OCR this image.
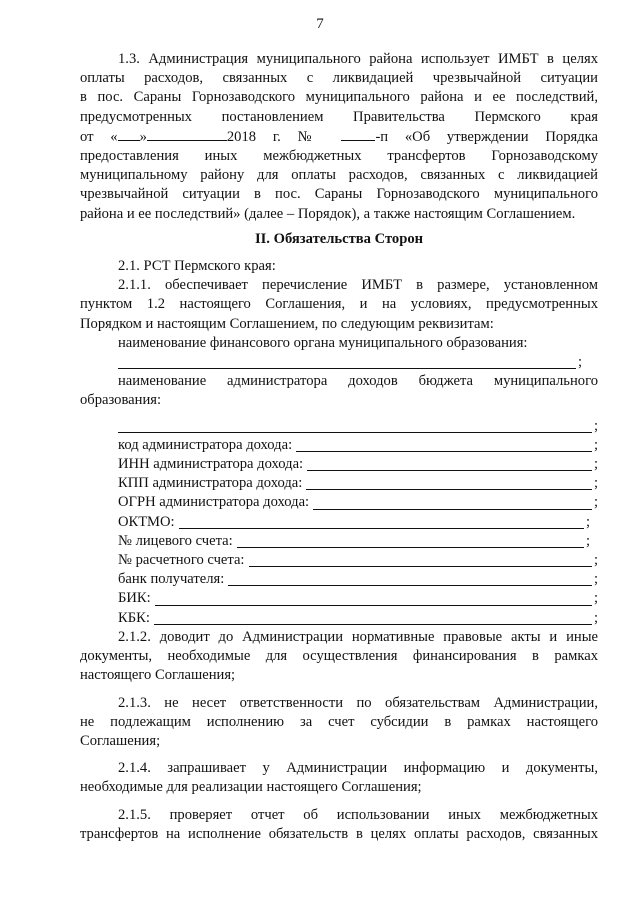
7
1.3. Администрация муниципального района использует ИМБТ в целях
оплаты расходов, связанных с ликвидацией чрезвычайной ситуации
в пос. Сараны Горнозаводского муниципального района и ее последствий,
предусмотренных постановлением Правительства Пермского края
от « »	2018 г. №	-п «Об утверждении Порядка
предоставления иных межбюджетных трансфертов Горнозаводскому
муниципальному району для оплаты расходов, связанных с ликвидацией
чрезвычайной ситуации в пос. Сараны Горнозаводского муниципального
района и ее последствий» (далее – Порядок), а также настоящим Соглашением.
II. Обязательства Сторон
2.1. РСТ Пермского края:
2.1.1. обеспечивает перечисление ИМБТ в размере, установленном
пунктом 1.2 настоящего Соглашения, и на условиях, предусмотренных
Порядком и настоящим Соглашением, по следующим реквизитам:
наименование финансового органа муниципального образования:
;
наименование администратора доходов бюджета муниципального
образования:
;
код администратора дохода:	;
ИНН администратора дохода:	;
КПП администратора дохода:	;
ОГРН администратора дохода:	;
ОКТМО:	;
№ лицевого счета:	;
№ расчетного счета:	;
банк получателя:	;
БИК:	;
КБК:	;
2.1.2. доводит до Администрации нормативные правовые акты и иные
документы, необходимые для осуществления финансирования в рамках
настоящего Соглашения;
2.1.3. не несет ответственности по обязательствам Администрации,
не подлежащим исполнению за счет субсидии в рамках настоящего
Соглашения;
2.1.4. запрашивает у Администрации информацию и документы,
необходимые для реализации настоящего Соглашения;
2.1.5. проверяет отчет об использовании иных межбюджетных
трансфертов на исполнение обязательств в целях оплаты расходов, связанных
